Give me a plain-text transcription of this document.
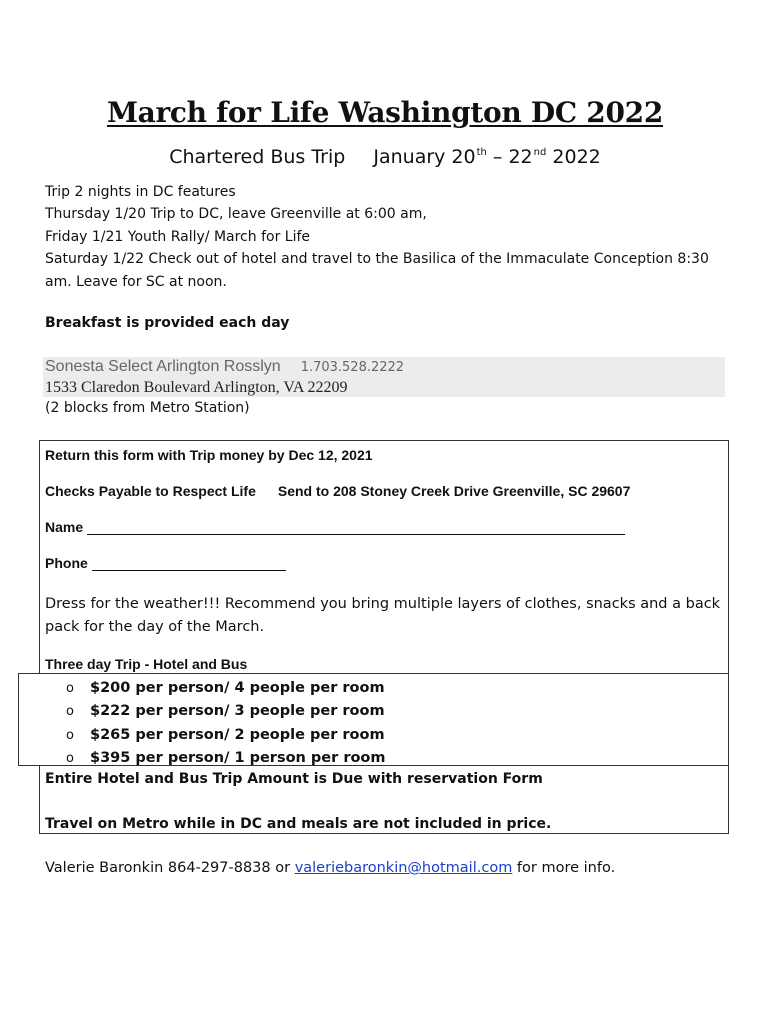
March for Life Washington DC 2022
Chartered Bus Trip January 20th – 22nd 2022
Trip 2 nights in DC features
Thursday 1/20 Trip to DC, leave Greenville at 6:00 am,
Friday 1/21 Youth Rally/ March for Life
Saturday 1/22 Check out of hotel and travel to the Basilica of the Immaculate Conception 8:30
am. Leave for SC at noon.
Breakfast is provided each day
Sonesta Select Arlington Rosslyn 1.703.528.2222
1533 Claredon Boulevard Arlington, VA 22209
(2 blocks from Metro Station)
Return this form with Trip money by Dec 12, 2021
Checks Payable to Respect Life Send to 208 Stoney Creek Drive Greenville, SC 29607
Name
Phone
Dress for the weather!!! Recommend you bring multiple layers of clothes, snacks and a back
pack for the day of the March.
Three day Trip - Hotel and Bus
o $200 per person/ 4 people per room
o $222 per person/ 3 people per room
o $265 per person/ 2 people per room
o $395 per person/ 1 person per room
Entire Hotel and Bus Trip Amount is Due with reservation Form
Travel on Metro while in DC and meals are not included in price.
Valerie Baronkin 864-297-8838 or valeriebaronkin@hotmail.com for more info.
